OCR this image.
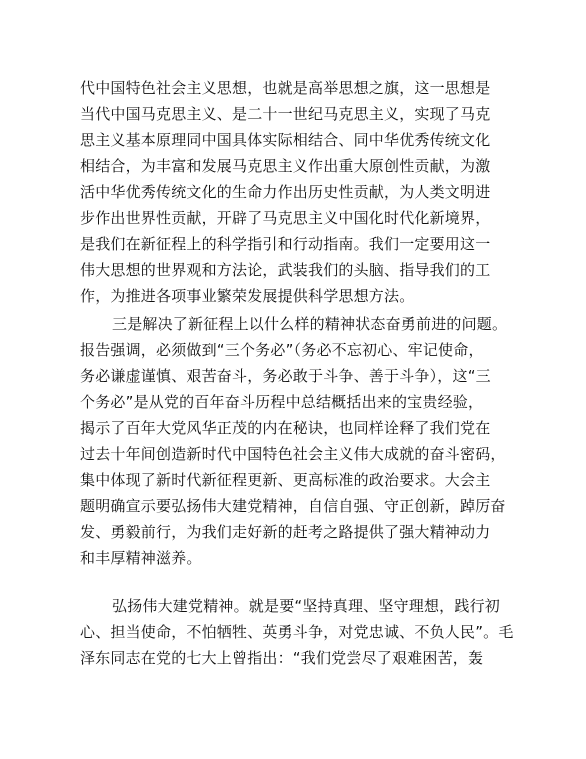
代中国特色社会主义思想，也就是高举思想之旗，这一思想是
当代中国马克思主义、是二十一世纪马克思主义，实现了马克
思主义基本原理同中国具体实际相结合、同中华优秀传统文化
相结合，为丰富和发展马克思主义作出重大原创性贡献，为激
活中华优秀传统文化的生命力作出历史性贡献，为人类文明进
步作出世界性贡献，开辟了马克思主义中国化时代化新境界，
是我们在新征程上的科学指引和行动指南。我们一定要用这一
伟大思想的世界观和方法论，武装我们的头脑、指导我们的工
作，为推进各项事业繁荣发展提供科学思想方法。
三是解决了新征程上以什么样的精神状态奋勇前进的问题。
报告强调，必须做到“三个务必”（务必不忘初心、牢记使命，
务必谦虚谨慎、艰苦奋斗，务必敢于斗争、善于斗争），这“三
个务必”是从党的百年奋斗历程中总结概括出来的宝贵经验，
揭示了百年大党风华正茂的内在秘诀，也同样诠释了我们党在
过去十年间创造新时代中国特色社会主义伟大成就的奋斗密码，
集中体现了新时代新征程更新、更高标准的政治要求。大会主
题明确宣示要弘扬伟大建党精神，自信自强、守正创新，踔厉奋
发、勇毅前行，为我们走好新的赶考之路提供了强大精神动力
和丰厚精神滋养。
弘扬伟大建党精神。就是要“坚持真理、坚守理想，践行初
心、担当使命，不怕牺牲、英勇斗争，对党忠诚、不负人民”。毛
泽东同志在党的七大上曾指出：“我们党尝尽了艰难困苦，轰
